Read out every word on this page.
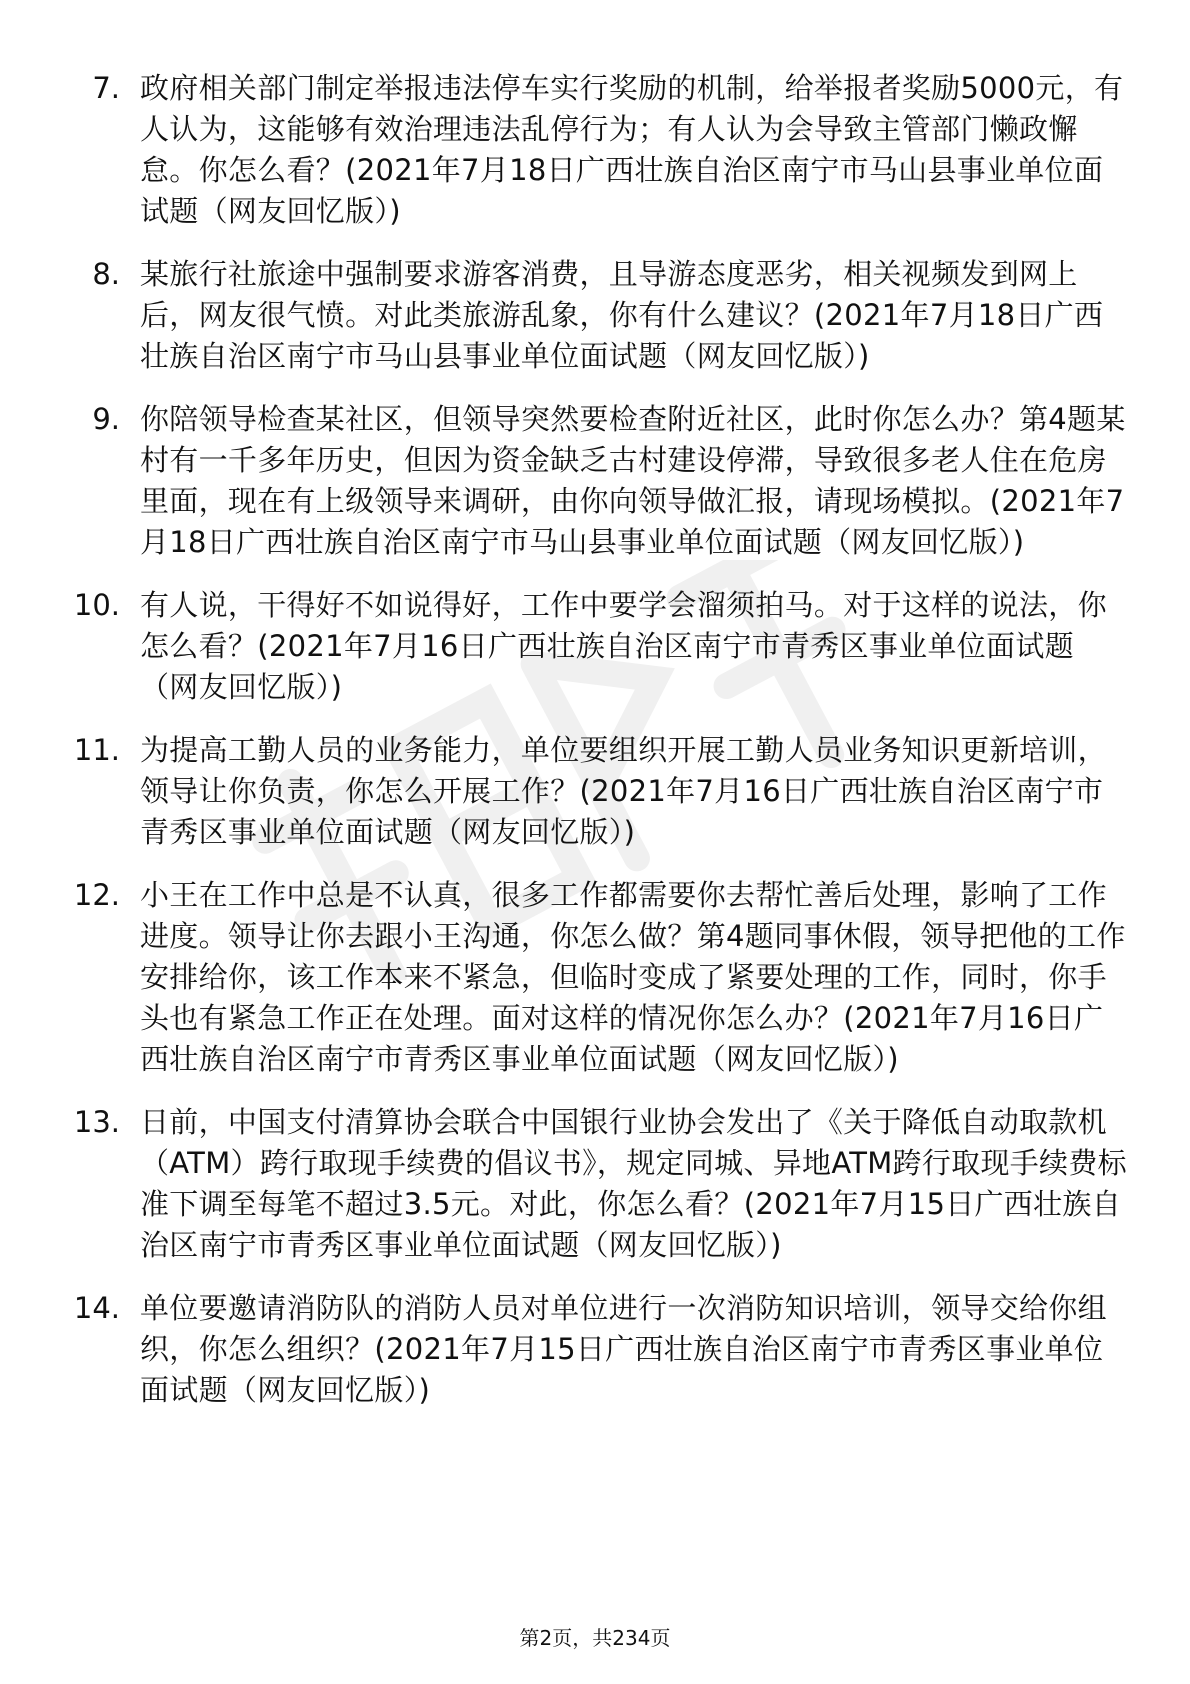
7. 政府相关部门制定举报违法停车实行奖励的机制，给举报者奖励5000元，有人认为，这能够有效治理违法乱停行为；有人认为会导致主管部门懒政懈怠。你怎么看？(2021年7月18日广西壮族自治区南宁市马山县事业单位面试题（网友回忆版）)
8. 某旅行社旅途中强制要求游客消费，且导游态度恶劣，相关视频发到网上后，网友很气愤。对此类旅游乱象，你有什么建议？(2021年7月18日广西壮族自治区南宁市马山县事业单位面试题（网友回忆版）)
9. 你陪领导检查某社区，但领导突然要检查附近社区，此时你怎么办？第4题某村有一千多年历史，但因为资金缺乏古村建设停滞，导致很多老人住在危房里面，现在有上级领导来调研，由你向领导做汇报，请现场模拟。(2021年7月18日广西壮族自治区南宁市马山县事业单位面试题（网友回忆版）)
10. 有人说，干得好不如说得好，工作中要学会溜须拍马。对于这样的说法，你怎么看？(2021年7月16日广西壮族自治区南宁市青秀区事业单位面试题（网友回忆版）)
11. 为提高工勤人员的业务能力，单位要组织开展工勤人员业务知识更新培训，领导让你负责，你怎么开展工作？(2021年7月16日广西壮族自治区南宁市青秀区事业单位面试题（网友回忆版）)
12. 小王在工作中总是不认真，很多工作都需要你去帮忙善后处理，影响了工作进度。领导让你去跟小王沟通，你怎么做？第4题同事休假，领导把他的工作安排给你，该工作本来不紧急，但临时变成了紧要处理的工作，同时，你手头也有紧急工作正在处理。面对这样的情况你怎么办？(2021年7月16日广西壮族自治区南宁市青秀区事业单位面试题（网友回忆版）)
13. 日前，中国支付清算协会联合中国银行业协会发出了《关于降低自动取款机（ATM）跨行取现手续费的倡议书》，规定同城、异地ATM跨行取现手续费标准下调至每笔不超过3.5元。对此，你怎么看？(2021年7月15日广西壮族自治区南宁市青秀区事业单位面试题（网友回忆版）)
14. 单位要邀请消防队的消防人员对单位进行一次消防知识培训，领导交给你组织，你怎么组织？(2021年7月15日广西壮族自治区南宁市青秀区事业单位面试题（网友回忆版）)
第2页，共234页
